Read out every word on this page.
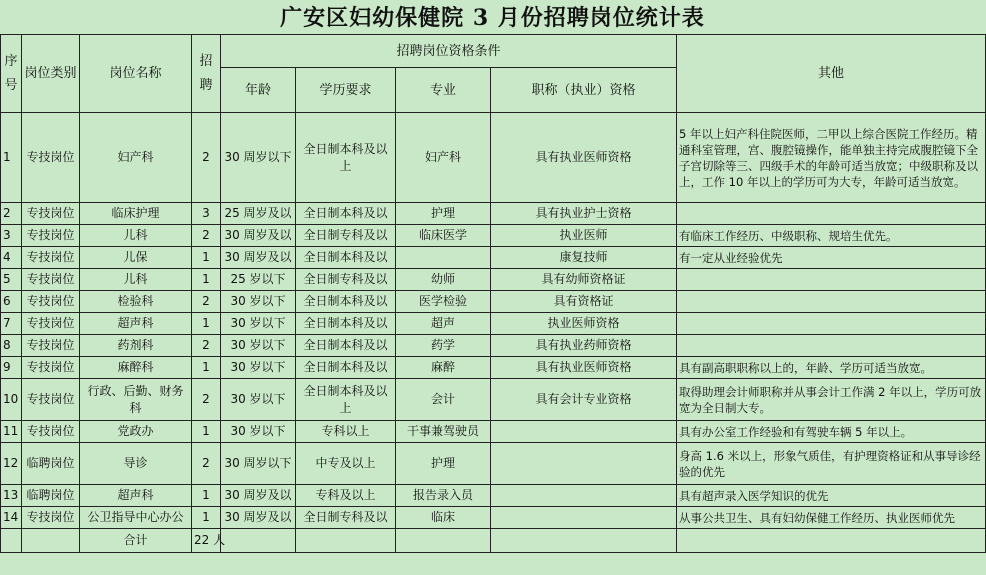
广安区妇幼保健院 3 月份招聘岗位统计表
序号	岗位类别	岗位名称	招聘	招聘岗位资格条件				其他
				年龄	学历要求	专业	职称（执业）资格	
1	专技岗位	妇产科	2	30 周岁以下	全日制本科及以上	妇产科	具有执业医师资格	5 年以上妇产科住院医师，二甲以上综合医院工作经历。精通科室管理，宫、腹腔镜操作，能单独主持完成腹腔镜下全子宫切除等三、四级手术的年龄可适当放宽；中级职称及以上，工作 10 年以上的学历可为大专，年龄可适当放宽。
2	专技岗位	临床护理	3	25 周岁及以	全日制本科及以	护理	具有执业护士资格	
3	专技岗位	儿科	2	30 周岁及以	全日制专科及以	临床医学	执业医师	有临床工作经历、中级职称、规培生优先。
4	专技岗位	儿保	1	30 周岁及以	全日制本科及以		康复技师	有一定从业经验优先
5	专技岗位	儿科	1	25 岁以下	全日制专科及以	幼师	具有幼师资格证	
6	专技岗位	检验科	2	30 岁以下	全日制本科及以	医学检验	具有资格证	
7	专技岗位	超声科	1	30 岁以下	全日制本科及以	超声	执业医师资格	
8	专技岗位	药剂科	2	30 岁以下	全日制本科及以	药学	具有执业药师资格	
9	专技岗位	麻醉科	1	30 岁以下	全日制本科及以	麻醉	具有执业医师资格	具有副高职职称以上的，年龄、学历可适当放宽。
10	专技岗位	行政、后勤、财务科	2	30 岁以下	全日制本科及以上	会计	具有会计专业资格	取得助理会计师职称并从事会计工作满 2 年以上，学历可放宽为全日制大专。
11	专技岗位	党政办	1	30 岁以下	专科以上	干事兼驾驶员		具有办公室工作经验和有驾驶车辆 5 年以上。
12	临聘岗位	导诊	2	30 周岁以下	中专及以上	护理		身高 1.6 米以上，形象气质佳，有护理资格证和从事导诊经验的优先
13	临聘岗位	超声科	1	30 周岁及以	专科及以上	报告录入员		具有超声录入医学知识的优先
14	专技岗位	公卫指导中心办公	1	30 周岁及以	全日制专科及以	临床		从事公共卫生、具有妇幼保健工作经历、执业医师优先
		合计	22 人					
